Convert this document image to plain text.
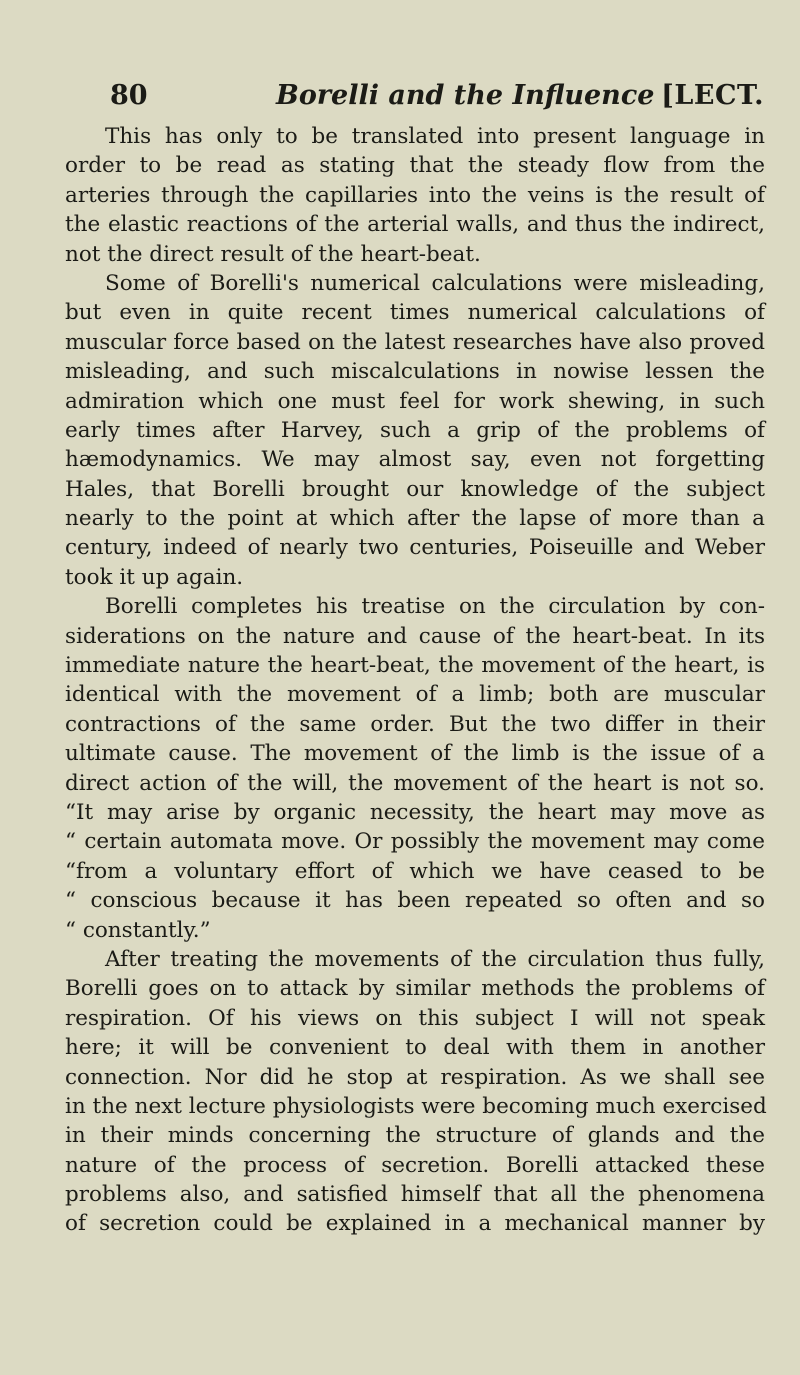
80	Borelli and the Influence [LECT.
This has only to be translated into present language in
order to be read as stating that the steady flow from the
arteries through the capillaries into the veins is the result of
the elastic reactions of the arterial walls, and thus the indirect,
not the direct result of the heart-beat.
Some of Borelli's numerical calculations were misleading,
but even in quite recent times numerical calculations of
muscular force based on the latest researches have also proved
misleading, and such miscalculations in nowise lessen the
admiration which one must feel for work shewing, in such
early times after Harvey, such a grip of the problems of
hæmodynamics. We may almost say, even not forgetting
Hales, that Borelli brought our knowledge of the subject
nearly to the point at which after the lapse of more than a
century, indeed of nearly two centuries, Poiseuille and Weber
took it up again.
Borelli completes his treatise on the circulation by con-
siderations on the nature and cause of the heart-beat. In its
immediate nature the heart-beat, the movement of the heart, is
identical with the movement of a limb; both are muscular
contractions of the same order. But the two differ in their
ultimate cause. The movement of the limb is the issue of a
direct action of the will, the movement of the heart is not so.
“It may arise by organic necessity, the heart may move as
“ certain automata move. Or possibly the movement may come
“from a voluntary effort of which we have ceased to be
“ conscious because it has been repeated so often and so
“ constantly.”
After treating the movements of the circulation thus fully,
Borelli goes on to attack by similar methods the problems of
respiration. Of his views on this subject I will not speak
here; it will be convenient to deal with them in another
connection. Nor did he stop at respiration. As we shall see
in the next lecture physiologists were becoming much exercised
in their minds concerning the structure of glands and the
nature of the process of secretion. Borelli attacked these
problems also, and satisfied himself that all the phenomena
of secretion could be explained in a mechanical manner by
